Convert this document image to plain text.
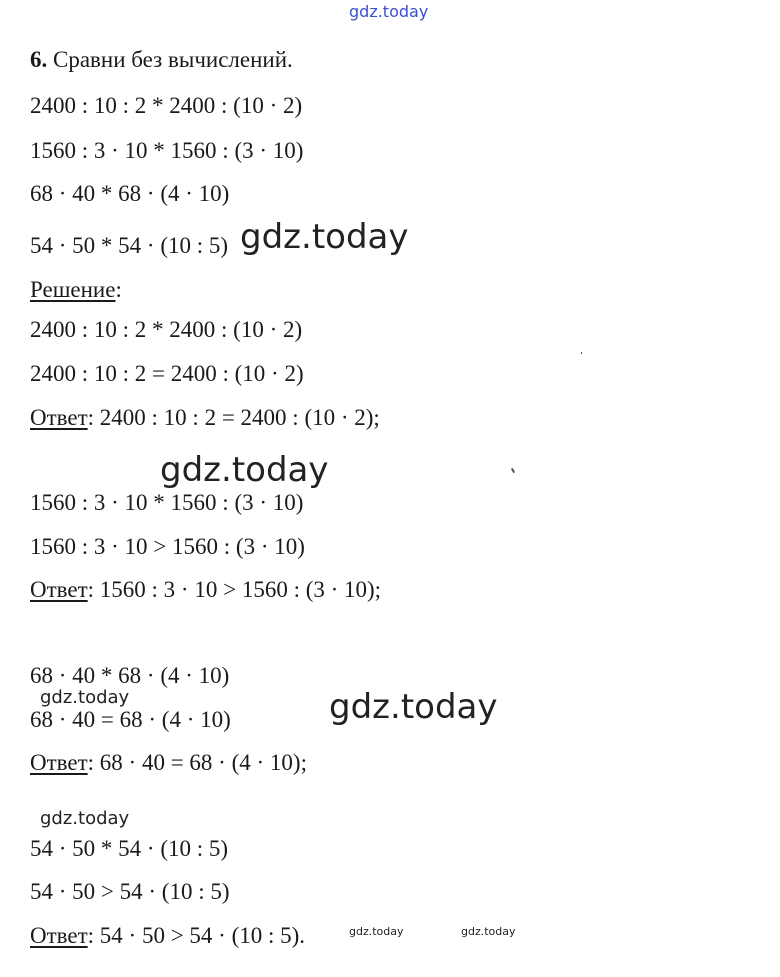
gdz.today
6. Сравни без вычислений.
2400 : 10 : 2 * 2400 : (10 · 2)
1560 : 3 · 10 * 1560 : (3 · 10)
68 · 40 * 68 · (4 · 10)
54 · 50 * 54 · (10 : 5) gdz.today
Решение:
2400 : 10 : 2 * 2400 : (10 · 2)
2400 : 10 : 2 = 2400 : (10 · 2)
Ответ: 2400 : 10 : 2 = 2400 : (10 · 2);
gdz.today
1560 : 3 · 10 * 1560 : (3 · 10)
1560 : 3 · 10 > 1560 : (3 · 10)
Ответ: 1560 : 3 · 10 > 1560 : (3 · 10);
68 · 40 * 68 · (4 · 10)
gdz.today
68 · 40 = 68 · (4 · 10)	gdz.today
Ответ: 68 · 40 = 68 · (4 · 10);
gdz.today
54 · 50 * 54 · (10 : 5)
54 · 50 > 54 · (10 : 5)
Ответ: 54 · 50 > 54 · (10 : 5).	gdz.today	gdz.today
